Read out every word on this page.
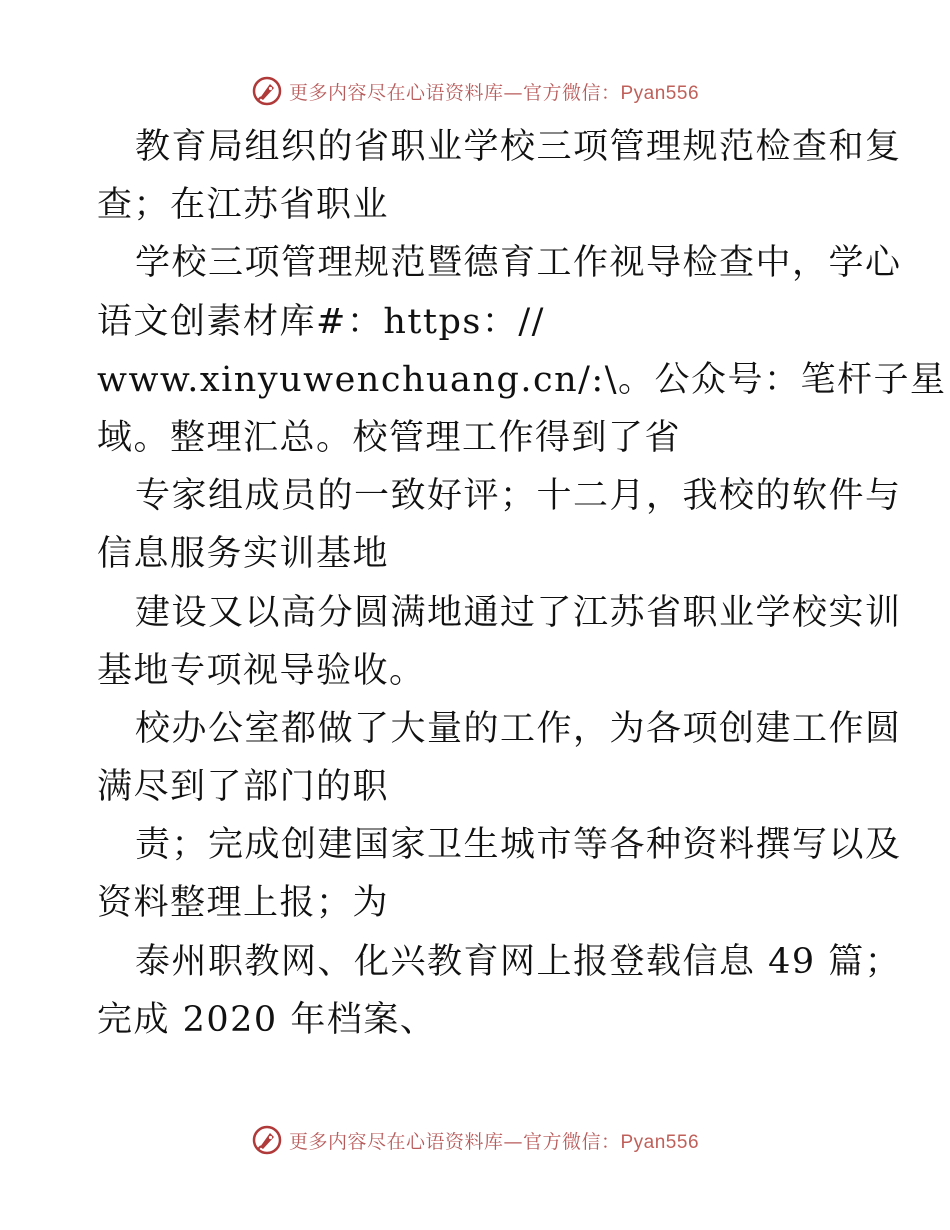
更多内容尽在心语资料库—官方微信：Pyan556
教育局组织的省职业学校三项管理规范检查和复
查；在江苏省职业
学校三项管理规范暨德育工作视导检查中，学心
语文创素材库#：https：//
www.xinyuwenchuang.cn/:\。公众号：笔杆子星
域。整理汇总。校管理工作得到了省
专家组成员的一致好评；十二月，我校的软件与
信息服务实训基地
建设又以高分圆满地通过了江苏省职业学校实训
基地专项视导验收。
校办公室都做了大量的工作，为各项创建工作圆
满尽到了部门的职
责；完成创建国家卫生城市等各种资料撰写以及
资料整理上报；为
泰州职教网、化兴教育网上报登载信息 49 篇；
完成 2020 年档案、
更多内容尽在心语资料库—官方微信：Pyan556
